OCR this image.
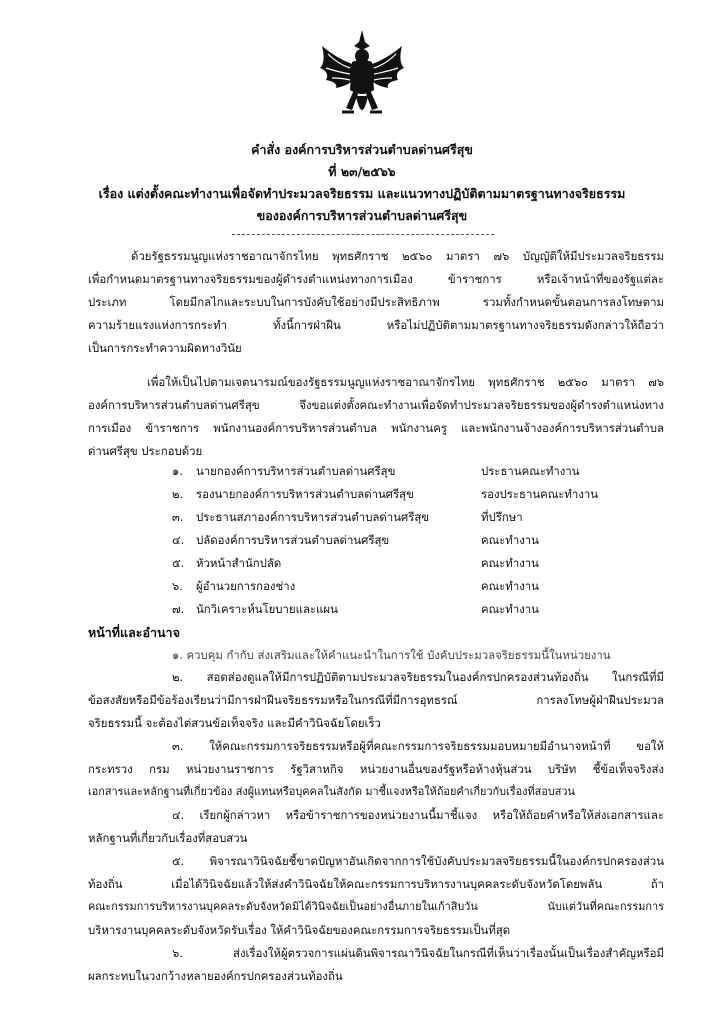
คำสั่ง องค์การบริหารส่วนตำบลด่านศรีสุข
ที่ ๒๓/๒๕๖๖
เรื่อง แต่งตั้งคณะทำงานเพื่อจัดทำประมวลจริยธรรม และแนวทางปฏิบัติตามมาตรฐานทางจริยธรรม
ขององค์การบริหารส่วนตำบลด่านศรีสุข
ด้วยรัฐธรรมนูญแห่งราชอาณาจักรไทย พุทธศักราช ๒๕๖๐ มาตรา ๗๖ บัญญัติให้มีประมวลจริยธรรม
เพื่อกำหนดมาตรฐานทางจริยธรรมของผู้ดำรงตำแหน่งทางการเมือง ข้าราชการ หรือเจ้าหน้าที่ของรัฐแต่ละ
ประเภท โดยมีกลไกและระบบในการบังคับใช้อย่างมีประสิทธิภาพ รวมทั้งกำหนดขั้นตอนการลงโทษตาม
ความร้ายแรงแห่งการกระทำ ทั้งนี้การฝ่าฝืน หรือไม่ปฏิบัติตามมาตรฐานทางจริยธรรมดังกล่าวให้ถือว่า
เป็นการกระทำความผิดทางวินัย
เพื่อให้เป็นไปตามเจตนารมณ์ของรัฐธรรมนูญแห่งราชอาณาจักรไทย พุทธศักราช ๒๕๖๐ มาตรา ๗๖
องค์การบริหารส่วนตำบลด่านศรีสุข จึงขอแต่งตั้งคณะทำงานเพื่อจัดทำประมวลจริยธรรมของผู้ดำรงตำแหน่งทาง
การเมือง ข้าราชการ พนักงานองค์การบริหารส่วนตำบล พนักงานครู และพนักงานจ้างองค์การบริหารส่วนตำบล
ด่านศรีสุข ประกอบด้วย
๑. นายกองค์การบริหารส่วนตำบลด่านศรีสุข	ประธานคณะทำงาน
๒. รองนายกองค์การบริหารส่วนตำบลด่านศรีสุข	รองประธานคณะทำงาน
๓. ประธานสภาองค์การบริหารส่วนตำบลด่านศรีสุข	ที่ปรึกษา
๔. ปลัดองค์การบริหารส่วนตำบลด่านศรีสุข	คณะทำงาน
๕. หัวหน้าสำนักปลัด	คณะทำงาน
๖. ผู้อำนวยการกองช่าง	คณะทำงาน
๗. นักวิเคราะห์นโยบายและแผน	คณะทำงาน
หน้าที่และอำนาจ
๑. ควบคุม กำกับ ส่งเสริมและให้คำแนะนำในการใช้ บังคับประมวลจริยธรรมนี้ในหน่วยงาน
๒. สอดส่องดูแลให้มีการปฏิบัติตามประมวลจริยธรรมในองค์กรปกครองส่วนท้องถิ่น ในกรณีที่มี
ข้อสงสัยหรือมีข้อร้องเรียนว่ามีการฝ่าฝืนจริยธรรมหรือในกรณีที่มีการอุทธรณ์ การลงโทษผู้ฝ่าฝืนประมวล
จริยธรรมนี้ จะต้องไต่สวนข้อเท็จจริง และมีคำวินิจฉัยโดยเร็ว
๓. ให้คณะกรรมการจริยธรรมหรือผู้ที่คณะกรรมการจริยธรรมมอบหมายมีอำนาจหน้าที่ ขอให้
กระทรวง กรม หน่วยงานราชการ รัฐวิสาหกิจ หน่วยงานอื่นของรัฐหรือห้างหุ้นส่วน บริษัท ชี้ข้อเท็จจริงส่ง
เอกสารและหลักฐานที่เกี่ยวข้อง ส่งผู้แทนหรือบุคคลในสังกัด มาชี้แจงหรือให้ถ้อยคำเกี่ยวกับเรื่องที่สอบสวน
๔. เรียกผู้กล่าวหา หรือข้าราชการของหน่วยงานนี้มาชี้แจง หรือให้ถ้อยคำหรือให้ส่งเอกสารและ
หลักฐานที่เกี่ยวกับเรื่องที่สอบสวน
๕. พิจารณาวินิจฉัยชี้ขาดปัญหาอันเกิดจากการใช้บังคับประมวลจริยธรรมนี้ในองค์กรปกครองส่วน
ท้องถิ่น เมื่อได้วินิจฉัยแล้วให้ส่งคำวินิจฉัยให้คณะกรรมการบริหารงานบุคคลระดับจังหวัดโดยพลัน ถ้า
คณะกรรมการบริหารงานบุคคลระดับจังหวัดมิได้วินิจฉัยเป็นอย่างอื่นภายในเก้าสิบวัน นับแต่วันที่คณะกรรมการ
บริหารงานบุคคลระดับจังหวัดรับเรื่อง ให้คำวินิจฉัยของคณะกรรมการจริยธรรมเป็นที่สุด
๖. ส่งเรื่องให้ผู้ตรวจการแผ่นดินพิจารณาวินิจฉัยในกรณีที่เห็นว่าเรื่องนั้นเป็นเรื่องสำคัญหรือมี
ผลกระทบในวงกว้างหลายองค์กรปกครองส่วนท้องถิ่น
